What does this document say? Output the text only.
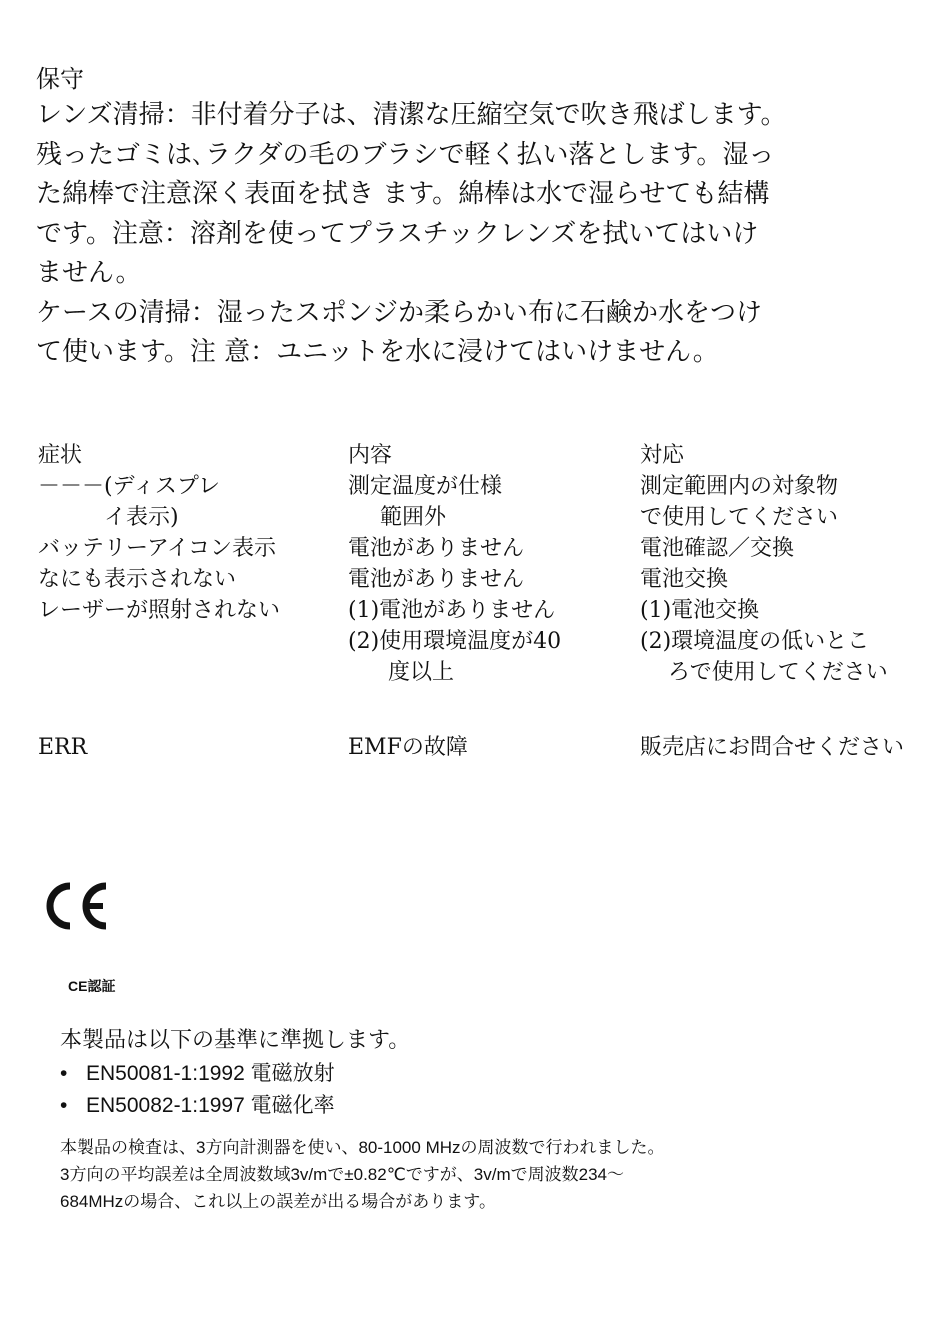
保守
レンズ清掃：非付着分子は、清潔な圧縮空気で吹き飛ばします。
残ったゴミは､ラクダの毛のブラシで軽く払い落とします。湿っ
た綿棒で注意深く表面を拭き ます。綿棒は水で湿らせても結構
です。注意：溶剤を使ってプラスチックレンズを拭いてはいけ
ません。
ケースの清掃：湿ったスポンジか柔らかい布に石鹸か水をつけ
て使います。注 意：ユニットを水に浸けてはいけません。
症状
－－－(ディスプレ
イ表示)
バッテリーアイコン表示
なにも表示されない
レーザーが照射されない

ERR
内容
測定温度が仕様
範囲外
電池がありません
電池がありません
(1)電池がありません
(2)使用環境温度が40
度以上
EMFの故障
対応
測定範囲内の対象物
で使用してください
電池確認／交換
電池交換
(1)電池交換
(2)環境温度の低いとこ
ろで使用してください
販売店にお問合せください
CE認証
本製品は以下の基準に準拠します。
• EN50081-1:1992 電磁放射
• EN50082-1:1997 電磁化率
本製品の検査は、3方向計測器を使い、80-1000 MHzの周波数で行われました。
3方向の平均誤差は全周波数域3v/mで±0.82℃ですが、3v/mで周波数234～
684MHzの場合、これ以上の誤差が出る場合があります。
